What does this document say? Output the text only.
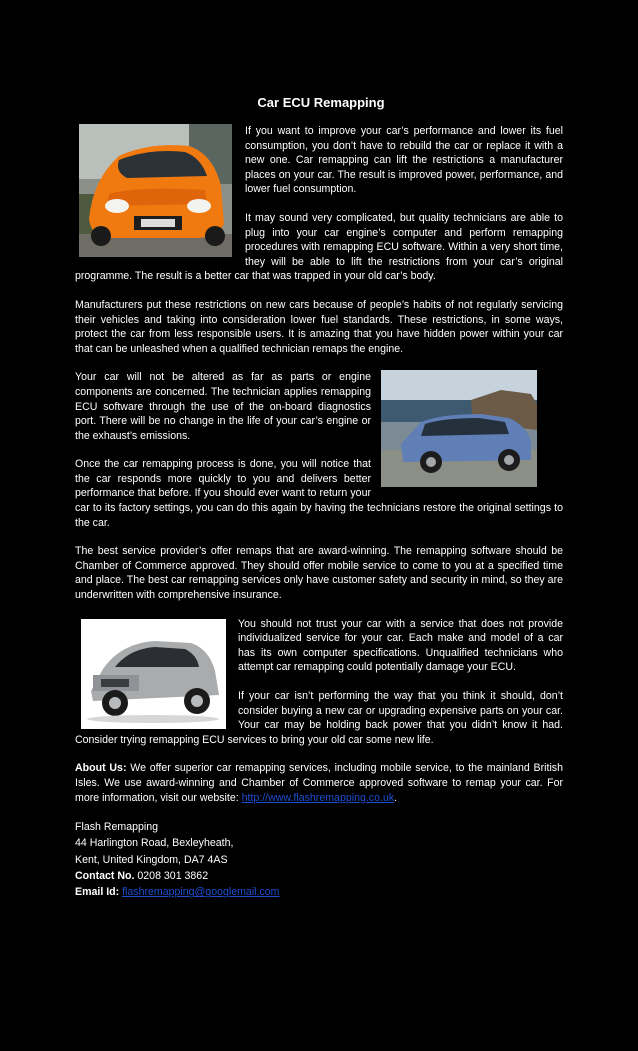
Car ECU Remapping

If you want to improve your car’s performance and lower its fuel consumption, you don’t have to rebuild the car or replace it with a new one. Car remapping can lift the restrictions a manufacturer places on your car. The result is improved power, performance, and lower fuel consumption.

It may sound very complicated, but quality technicians are able to plug into your car engine’s computer and perform remapping procedures with remapping ECU software. Within a very short time, they will be able to lift the restrictions from your car’s original programme. The result is a better car that was trapped in your old car’s body.

Manufacturers put these restrictions on new cars because of people’s habits of not regularly servicing their vehicles and taking into consideration lower fuel standards. These restrictions, in some ways, protect the car from less responsible users. It is amazing that you have hidden power within your car that can be unleashed when a qualified technician remaps the engine.

Your car will not be altered as far as parts or engine components are concerned. The technician applies remapping ECU software through the use of the on-board diagnostics port. There will be no change in the life of your car’s engine or the exhaust’s emissions.

Once the car remapping process is done, you will notice that the car responds more quickly to you and delivers better performance that before. If you should ever want to return your car to its factory settings, you can do this again by having the technicians restore the original settings to the car.

The best service provider’s offer remaps that are award-winning. The remapping software should be Chamber of Commerce approved. They should offer mobile service to come to you at a specified time and place. The best car remapping services only have customer safety and security in mind, so they are underwritten with comprehensive insurance.

You should not trust your car with a service that does not provide individualized service for your car. Each make and model of a car has its own computer specifications. Unqualified technicians who attempt car remapping could potentially damage your ECU.

If your car isn’t performing the way that you think it should, don’t consider buying a new car or upgrading expensive parts on your car. Your car may be holding back power that you didn’t know it had. Consider trying remapping ECU services to bring your old car some new life.

About Us: We offer superior car remapping services, including mobile service, to the mainland British Isles. We use award-winning and Chamber of Commerce approved software to remap your car. For more information, visit our website: http://www.flashremapping.co.uk.

Flash Remapping

44 Harlington Road, Bexleyheath,

Kent, United Kingdom, DA7 4AS

Contact No. 0208 301 3862

Email Id: flashremapping@googlemail.com
